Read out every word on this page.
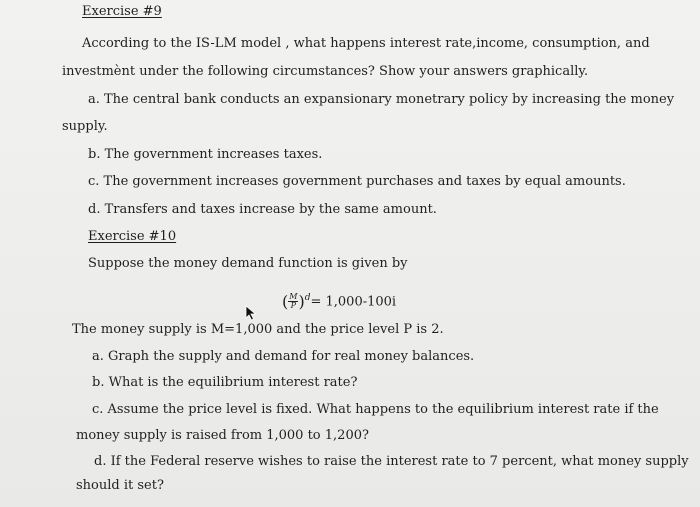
Exercise #9
According to the IS-LM model , what happens interest rate,income, consumption, and
investmènt under the following circumstances? Show your answers graphically.
a. The central bank conducts an expansionary monetrary policy by increasing the money
supply.
b. The government increases taxes.
c. The government increases government purchases and taxes by equal amounts.
d. Transfers and taxes increase by the same amount.
Exercise #10
Suppose the money demand function is given by
( $\frac{M}{P} )^d= 1,000-100i$
The money supply is M=1,000 and the price level P is 2.
a. Graph the supply and demand for real money balances.
b. What is the equilibrium interest rate?
c. Assume the price level is fixed. What happens to the equilibrium interest rate if the
money supply is raised from 1,000 to 1,200?
d. If the Federal reserve wishes to raise the interest rate to 7 percent, what money supply
should it set?
